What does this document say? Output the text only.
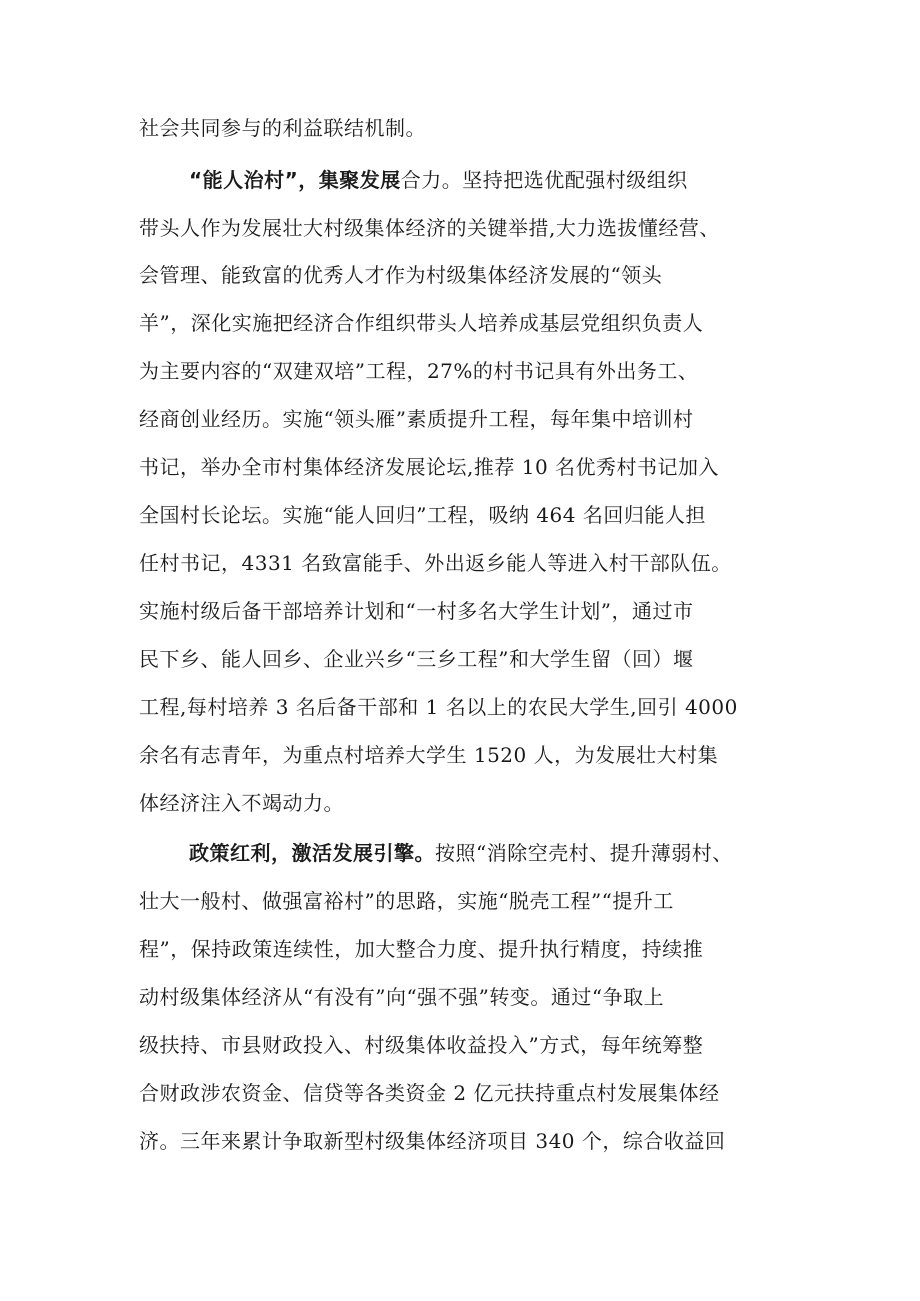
社会共同参与的利益联结机制。
“能人治村”，集聚发展合力。坚持把选优配强村级组织
带头人作为发展壮大村级集体经济的关键举措,大力选拔懂经营、
会管理、能致富的优秀人才作为村级集体经济发展的“领头
羊”，深化实施把经济合作组织带头人培养成基层党组织负责人
为主要内容的“双建双培”工程，27%的村书记具有外出务工、
经商创业经历。实施“领头雁”素质提升工程，每年集中培训村
书记，举办全市村集体经济发展论坛,推荐 10 名优秀村书记加入
全国村长论坛。实施“能人回归”工程，吸纳 464 名回归能人担
任村书记，4331 名致富能手、外出返乡能人等进入村干部队伍。
实施村级后备干部培养计划和“一村多名大学生计划”，通过市
民下乡、能人回乡、企业兴乡“三乡工程”和大学生留（回）堰
工程,每村培养 3 名后备干部和 1 名以上的农民大学生,回引 4000
余名有志青年，为重点村培养大学生 1520 人，为发展壮大村集
体经济注入不竭动力。
政策红利，激活发展引擎。按照“消除空壳村、提升薄弱村、
壮大一般村、做强富裕村”的思路，实施“脱壳工程”“提升工
程”，保持政策连续性，加大整合力度、提升执行精度，持续推
动村级集体经济从“有没有”向“强不强”转变。通过“争取上
级扶持、市县财政投入、村级集体收益投入”方式，每年统筹整
合财政涉农资金、信贷等各类资金 2 亿元扶持重点村发展集体经
济。三年来累计争取新型村级集体经济项目 340 个，综合收益回
